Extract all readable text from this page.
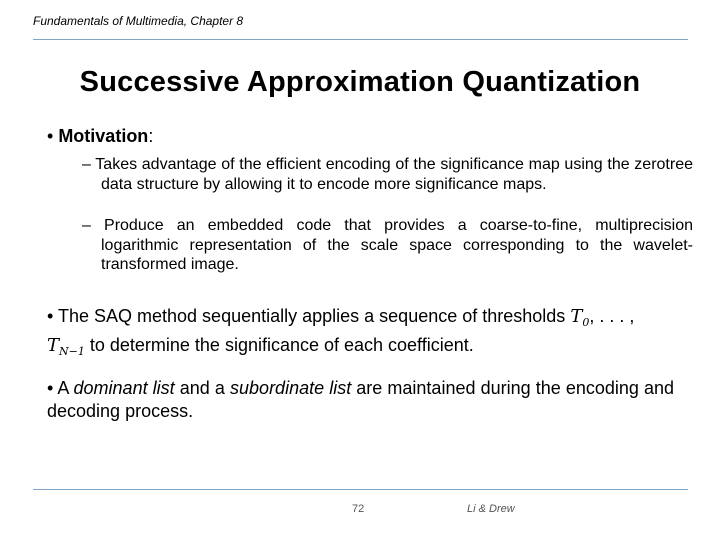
Fundamentals of Multimedia, Chapter 8
Successive Approximation Quantization
• Motivation:
– Takes advantage of the efficient encoding of the significance map using the zerotree data structure by allowing it to encode more significance maps.
– Produce an embedded code that provides a coarse-to-fine, multiprecision logarithmic representation of the scale space corresponding to the wavelet-transformed image.
• The SAQ method sequentially applies a sequence of thresholds $T_0$, . . . , $T_{N-1}$ to determine the significance of each coefficient.
• A dominant list and a subordinate list are maintained during the encoding and decoding process.
72	Li & Drew
